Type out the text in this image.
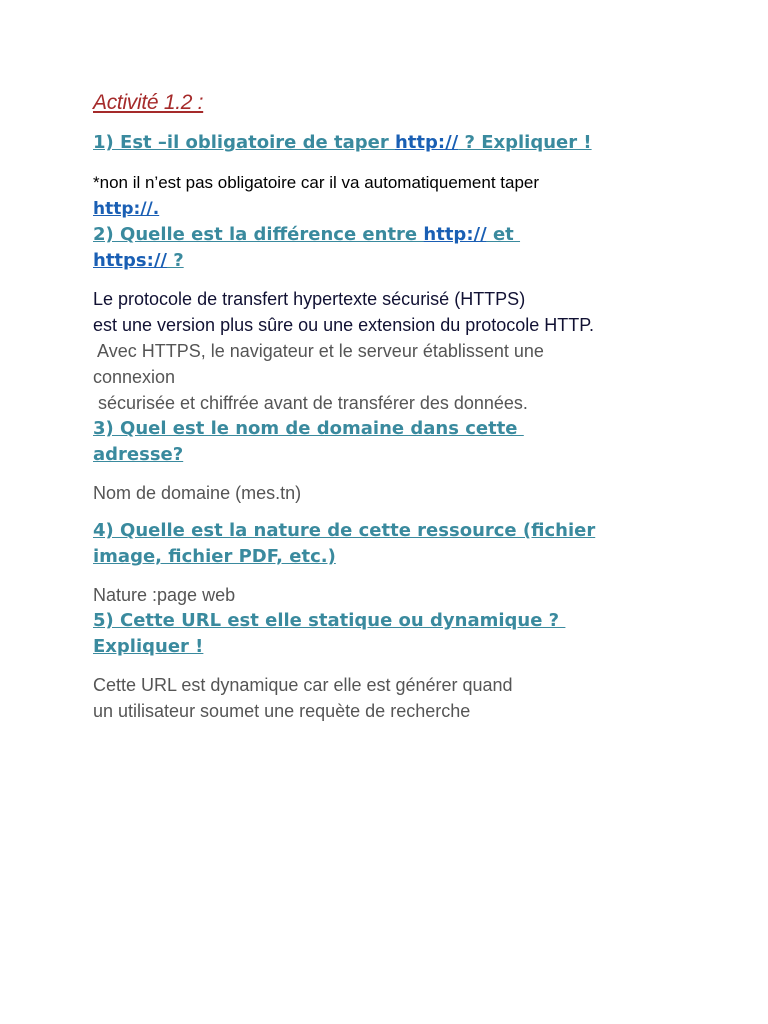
Activité 1.2 :

1) Est –il obligatoire de taper http:// ? Expliquer !

*non il n’est pas obligatoire car il va automatiquement taper
http://.

2) Quelle est la différence entre http:// et
https:// ?

Le protocole de transfert hypertexte sécurisé (HTTPS)

est une version plus sûre ou une extension du protocole HTTP.

Avec HTTPS, le navigateur et le serveur établissent une

connexion

sécurisée et chiffrée avant de transférer des données.

3) Quel est le nom de domaine dans cette
adresse?

Nom de domaine (mes.tn)

4) Quelle est la nature de cette ressource (fichier
image, fichier PDF, etc.)

Nature :page web

5) Cette URL est elle statique ou dynamique ?
Expliquer !

Cette URL est dynamique car elle est générer quand

un utilisateur soumet une requète de recherche
